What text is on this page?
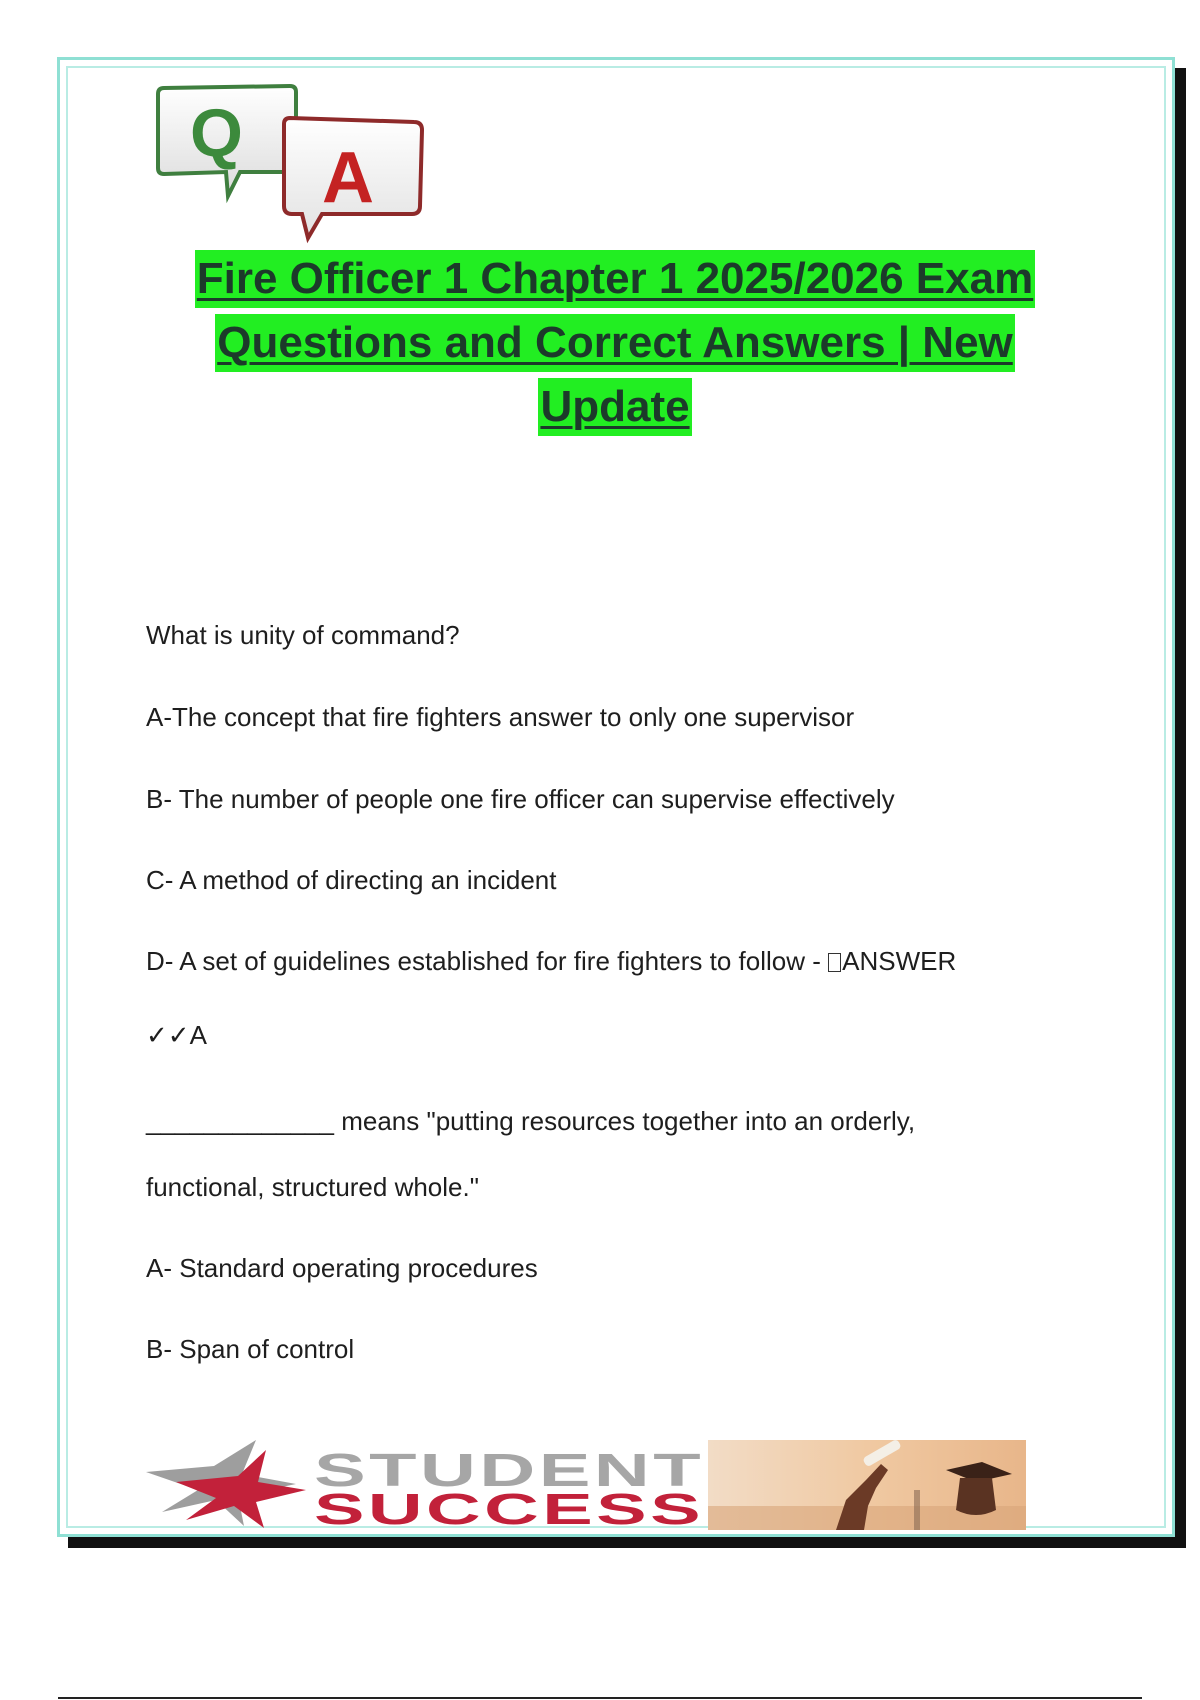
Q
A
Fire Officer 1 Chapter 1 2025/2026 Exam
Questions and Correct Answers | New
Update
What is unity of command?
A-The concept that fire fighters answer to only one supervisor
B- The number of people one fire officer can supervise effectively
C- A method of directing an incident
D- A set of guidelines established for fire fighters to follow - ANSWER
✓✓A
_____________ means "putting resources together into an orderly,
functional, structured whole."
A- Standard operating procedures
B- Span of control
STUDENT
SUCCESS
